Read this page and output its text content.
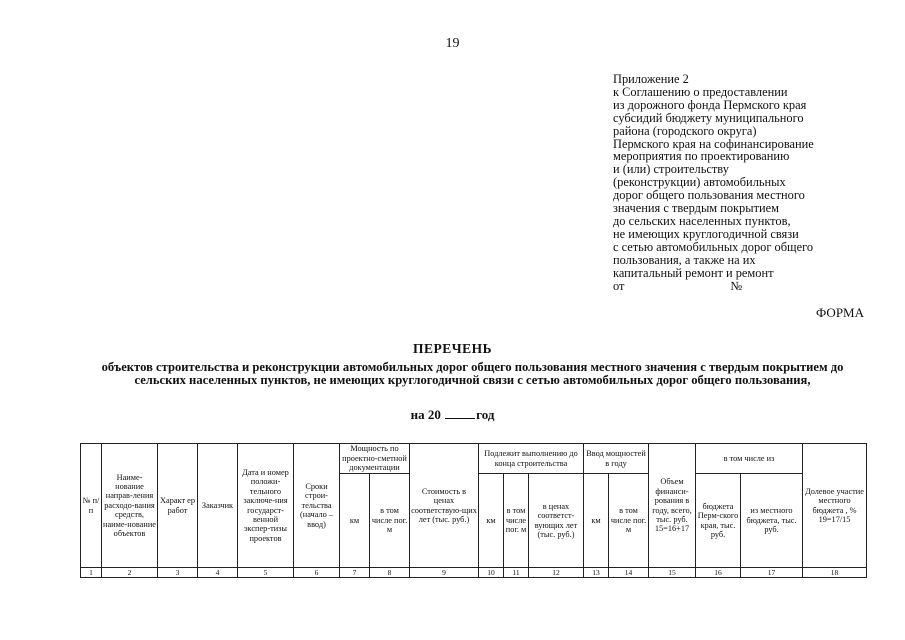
19
Приложение 2
к Соглашению о предоставлении
из дорожного фонда Пермского края
субсидий бюджету муниципального
района (городского округа)
Пермского края на софинансирование
мероприятия по проектированию
и (или) строительству
(реконструкции) автомобильных
дорог общего пользования местного
значения с твердым покрытием
до сельских населенных пунктов,
не имеющих круглогодичной связи
с сетью автомобильных дорог общего
пользования, а также на их
капитальный ремонт и ремонт
от	№
ФОРМА
ПЕРЕЧЕНЬ
объектов строительства и реконструкции автомобильных дорог общего пользования местного значения с твердым покрытием до сельских населенных пунктов, не имеющих круглогодичной связи с сетью автомобильных дорог общего пользования,
на 20	год
№ п/п	Наиме-нование направ-ления расходо-вания средств, наиме-нование объектов	Характ ер работ	Заказчик	Дата и номер положи-тельного заключе-ния государст-венной экспер-тизы проектов	Сроки строи-тельства (начало – ввод)	Мощность по проектно-сметной документации		Стоимость в ценах соответствую-щих лет (тыс. руб.)	Подлежит выполнению до конца строительства			Ввод мощностей в году		Объем финанси-рования в году, всего, тыс. руб. 15=16+17	в том числе из		Долевое участие местного бюджета , % 19=17/15
						км	в том числе пог. м		км	в том числе пог. м	в ценах соответст-вующих лет (тыс. руб.)	км	в том числе пог. м		бюджета Перм-ского края, тыс. руб.	из местного бюджета, тыс. руб.	
1	2	3	4	5	6	7	8	9	10	11	12	13	14	15	16	17	18
